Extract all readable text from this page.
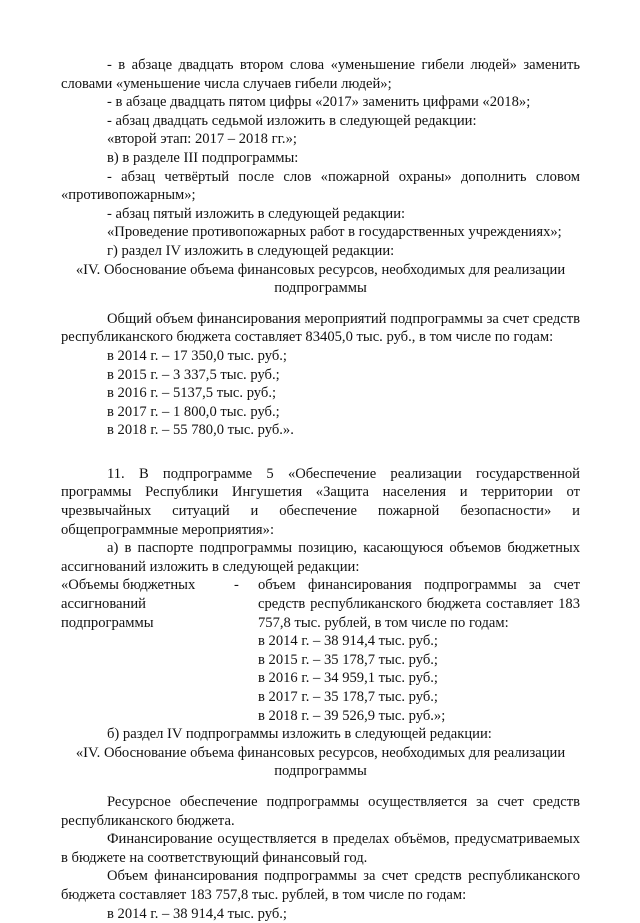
- в абзаце двадцать втором слова «уменьшение гибели людей» заменить словами «уменьшение числа случаев гибели людей»;

- в абзаце двадцать пятом цифры «2017» заменить цифрами «2018»;

- абзац двадцать седьмой изложить в следующей редакции:

«второй этап: 2017 – 2018 гг.»;

в) в разделе III подпрограммы:

- абзац четвёртый после слов «пожарной охраны» дополнить словом «противопожарным»;

- абзац пятый изложить в следующей редакции:

«Проведение противопожарных работ в государственных учреждениях»;

г) раздел IV изложить в следующей редакции:

«IV. Обоснование объема финансовых ресурсов, необходимых для реализации

подпрограммы

Общий объем финансирования мероприятий подпрограммы за счет средств республиканского бюджета составляет 83405,0 тыс. руб., в том числе по годам:

в 2014 г. – 17 350,0 тыс. руб.;

в 2015 г. – 3 337,5 тыс. руб.;

в 2016 г. – 5137,5 тыс. руб.;

в 2017 г. – 1 800,0 тыс. руб.;

в 2018 г. – 55 780,0 тыс. руб.».

11. В подпрограмме 5 «Обеспечение реализации государственной программы Республики Ингушетия «Защита населения и территории от чрезвычайных ситуаций и обеспечение пожарной безопасности» и общепрограммные мероприятия»:

а) в паспорте подпрограммы позицию, касающуюся объемов бюджетных ассигнований изложить в следующей редакции:

«Объемы бюджетных ассигнований подпрограммы
-	объем финансирования подпрограммы за счет средств республиканского бюджета составляет 183 757,8 тыс. рублей, в том числе по годам:
в 2014 г. – 38 914,4 тыс. руб.;
в 2015 г. – 35 178,7 тыс. руб.;
в 2016 г. – 34 959,1 тыс. руб.;
в 2017 г. – 35 178,7 тыс. руб.;
в 2018 г. – 39 526,9 тыс. руб.»;

б) раздел IV подпрограммы изложить в следующей редакции:

«IV. Обоснование объема финансовых ресурсов, необходимых для реализации

подпрограммы

Ресурсное обеспечение подпрограммы осуществляется за счет средств республиканского бюджета.

Финансирование осуществляется в пределах объёмов, предусматриваемых в бюджете на соответствующий финансовый год.

Объем финансирования подпрограммы за счет средств республиканского бюджета составляет 183 757,8 тыс. рублей, в том числе по годам:

в 2014 г. – 38 914,4 тыс. руб.;
